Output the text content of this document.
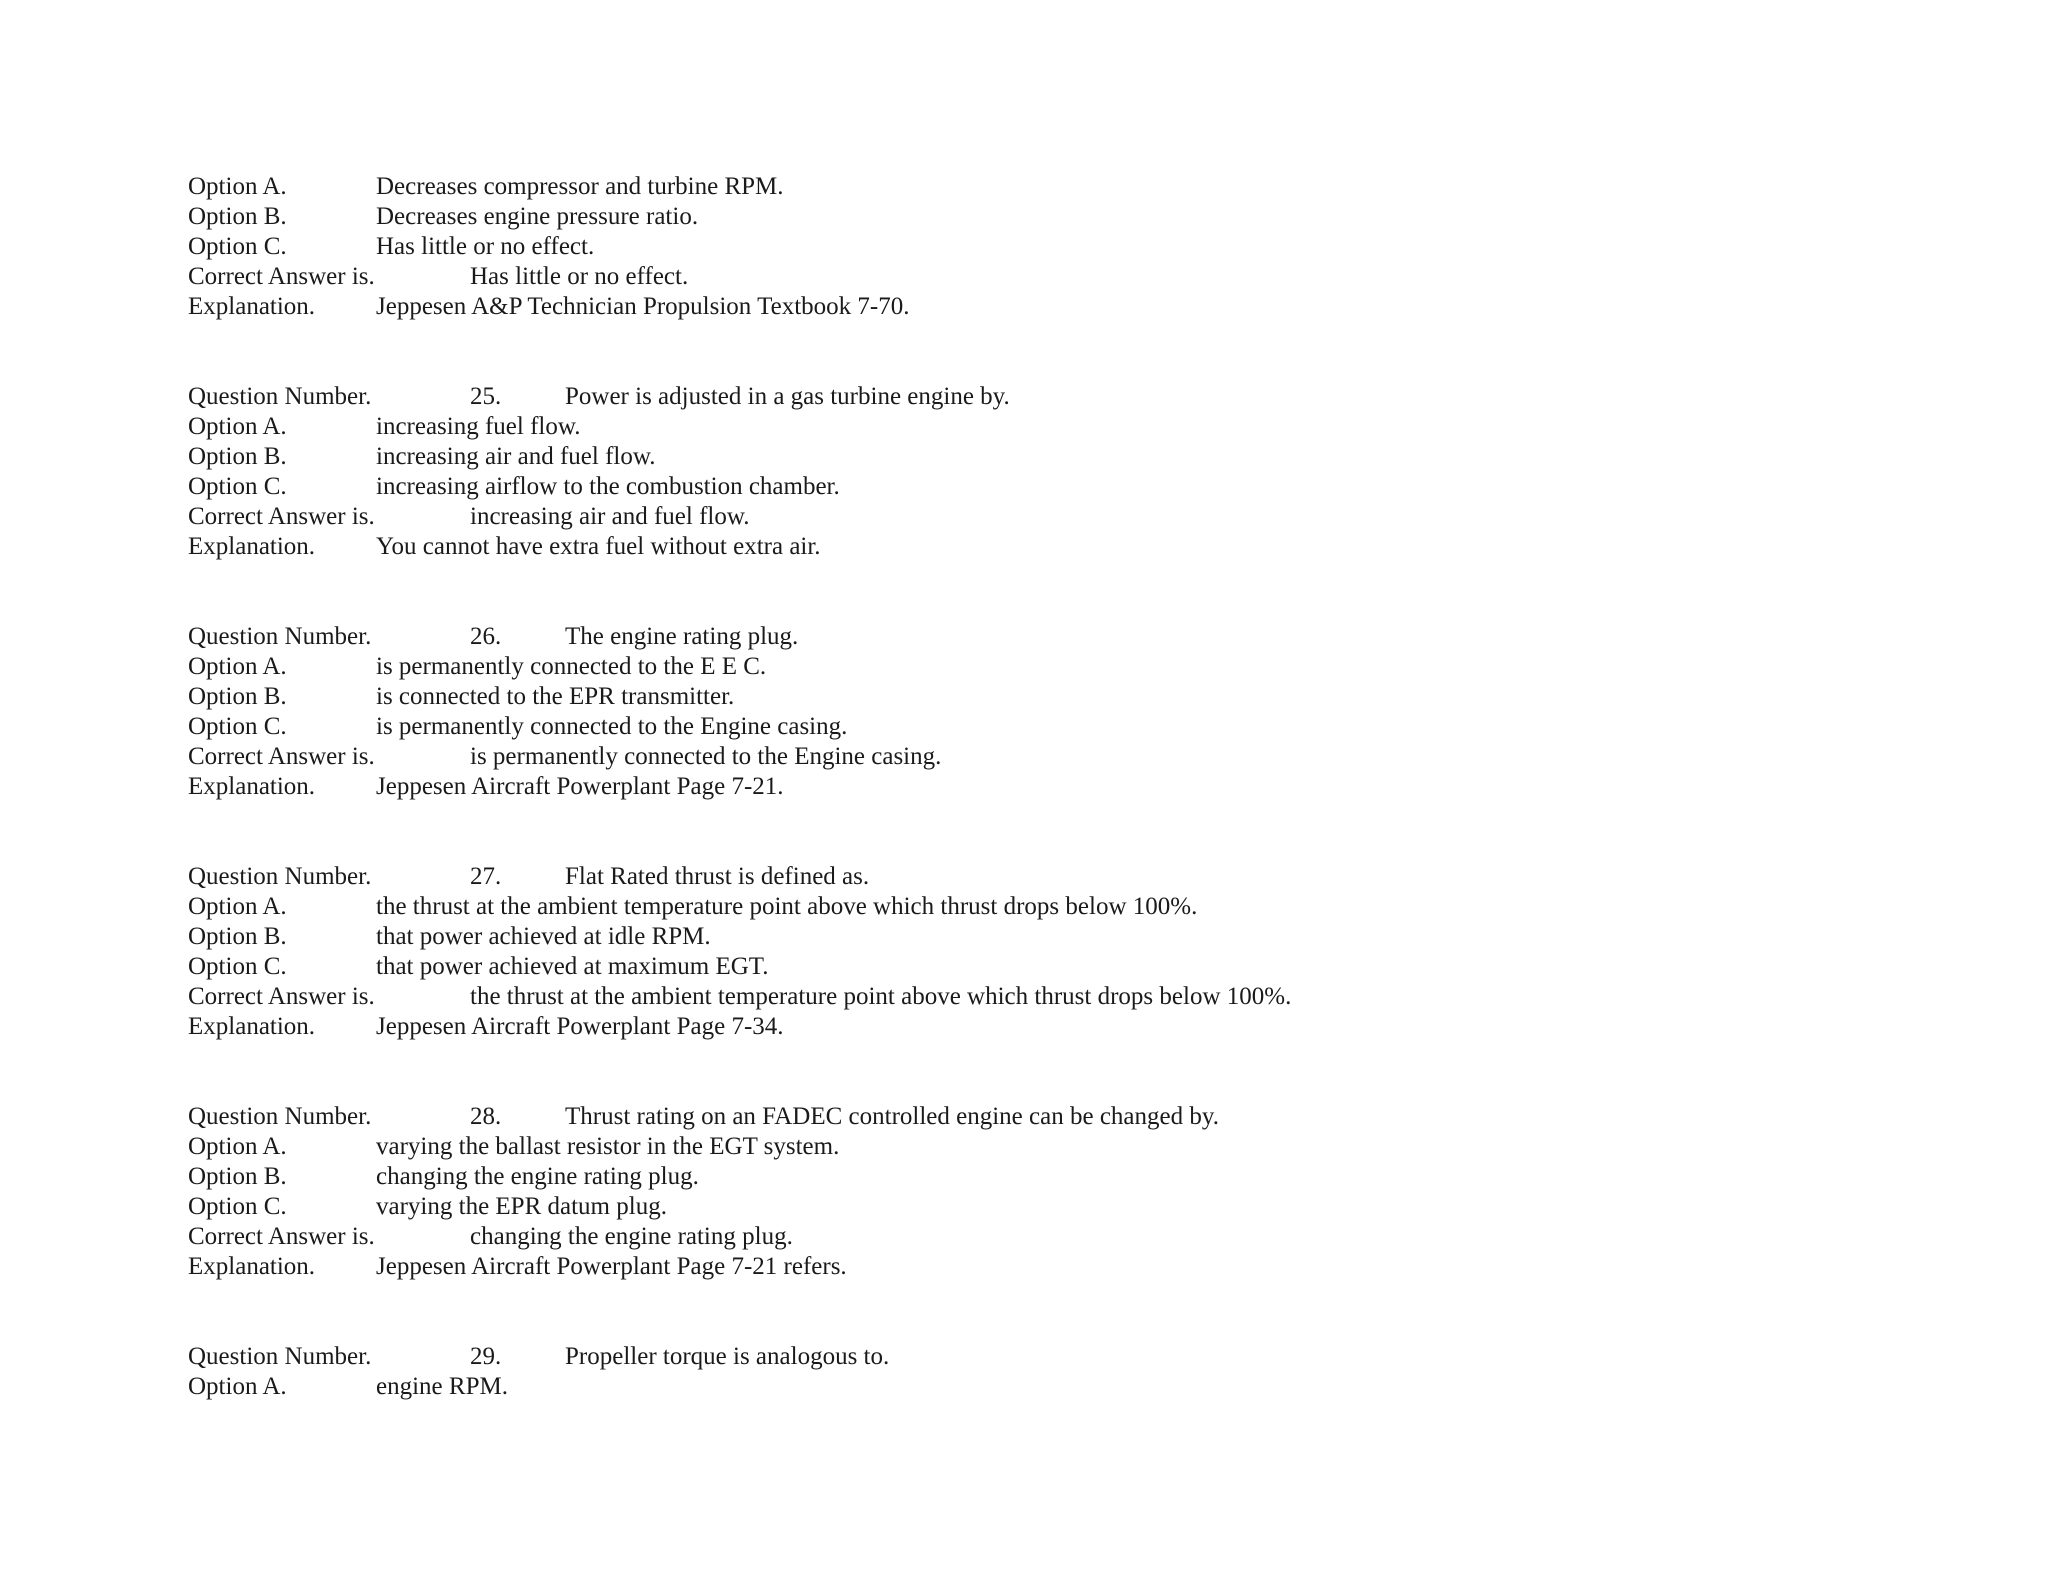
Option A.	Decreases compressor and turbine RPM.
Option B.	Decreases engine pressure ratio.
Option C.	Has little or no effect.
Correct Answer is.	Has little or no effect.
Explanation. Jeppesen A&P Technician Propulsion Textbook 7-70.
Question Number.	25.	Power is adjusted in a gas turbine engine by.
Option A.	increasing fuel flow.
Option B.	increasing air and fuel flow.
Option C.	increasing airflow to the combustion chamber.
Correct Answer is.	increasing air and fuel flow.
Explanation. You cannot have extra fuel without extra air.
Question Number.	26.	The engine rating plug.
Option A.	is permanently connected to the E E C.
Option B.	is connected to the EPR transmitter.
Option C.	is permanently connected to the Engine casing.
Correct Answer is.	is permanently connected to the Engine casing.
Explanation. Jeppesen Aircraft Powerplant Page 7-21.
Question Number.	27.	Flat Rated thrust is defined as.
Option A.	the thrust at the ambient temperature point above which thrust drops below 100%.
Option B.	that power achieved at idle RPM.
Option C.	that power achieved at maximum EGT.
Correct Answer is.	the thrust at the ambient temperature point above which thrust drops below 100%.
Explanation. Jeppesen Aircraft Powerplant Page 7-34.
Question Number.	28.	Thrust rating on an FADEC controlled engine can be changed by.
Option A.	varying the ballast resistor in the EGT system.
Option B.	changing the engine rating plug.
Option C.	varying the EPR datum plug.
Correct Answer is.	changing the engine rating plug.
Explanation. Jeppesen Aircraft Powerplant Page 7-21 refers.
Question Number.	29.	Propeller torque is analogous to.
Option A.	engine RPM.
